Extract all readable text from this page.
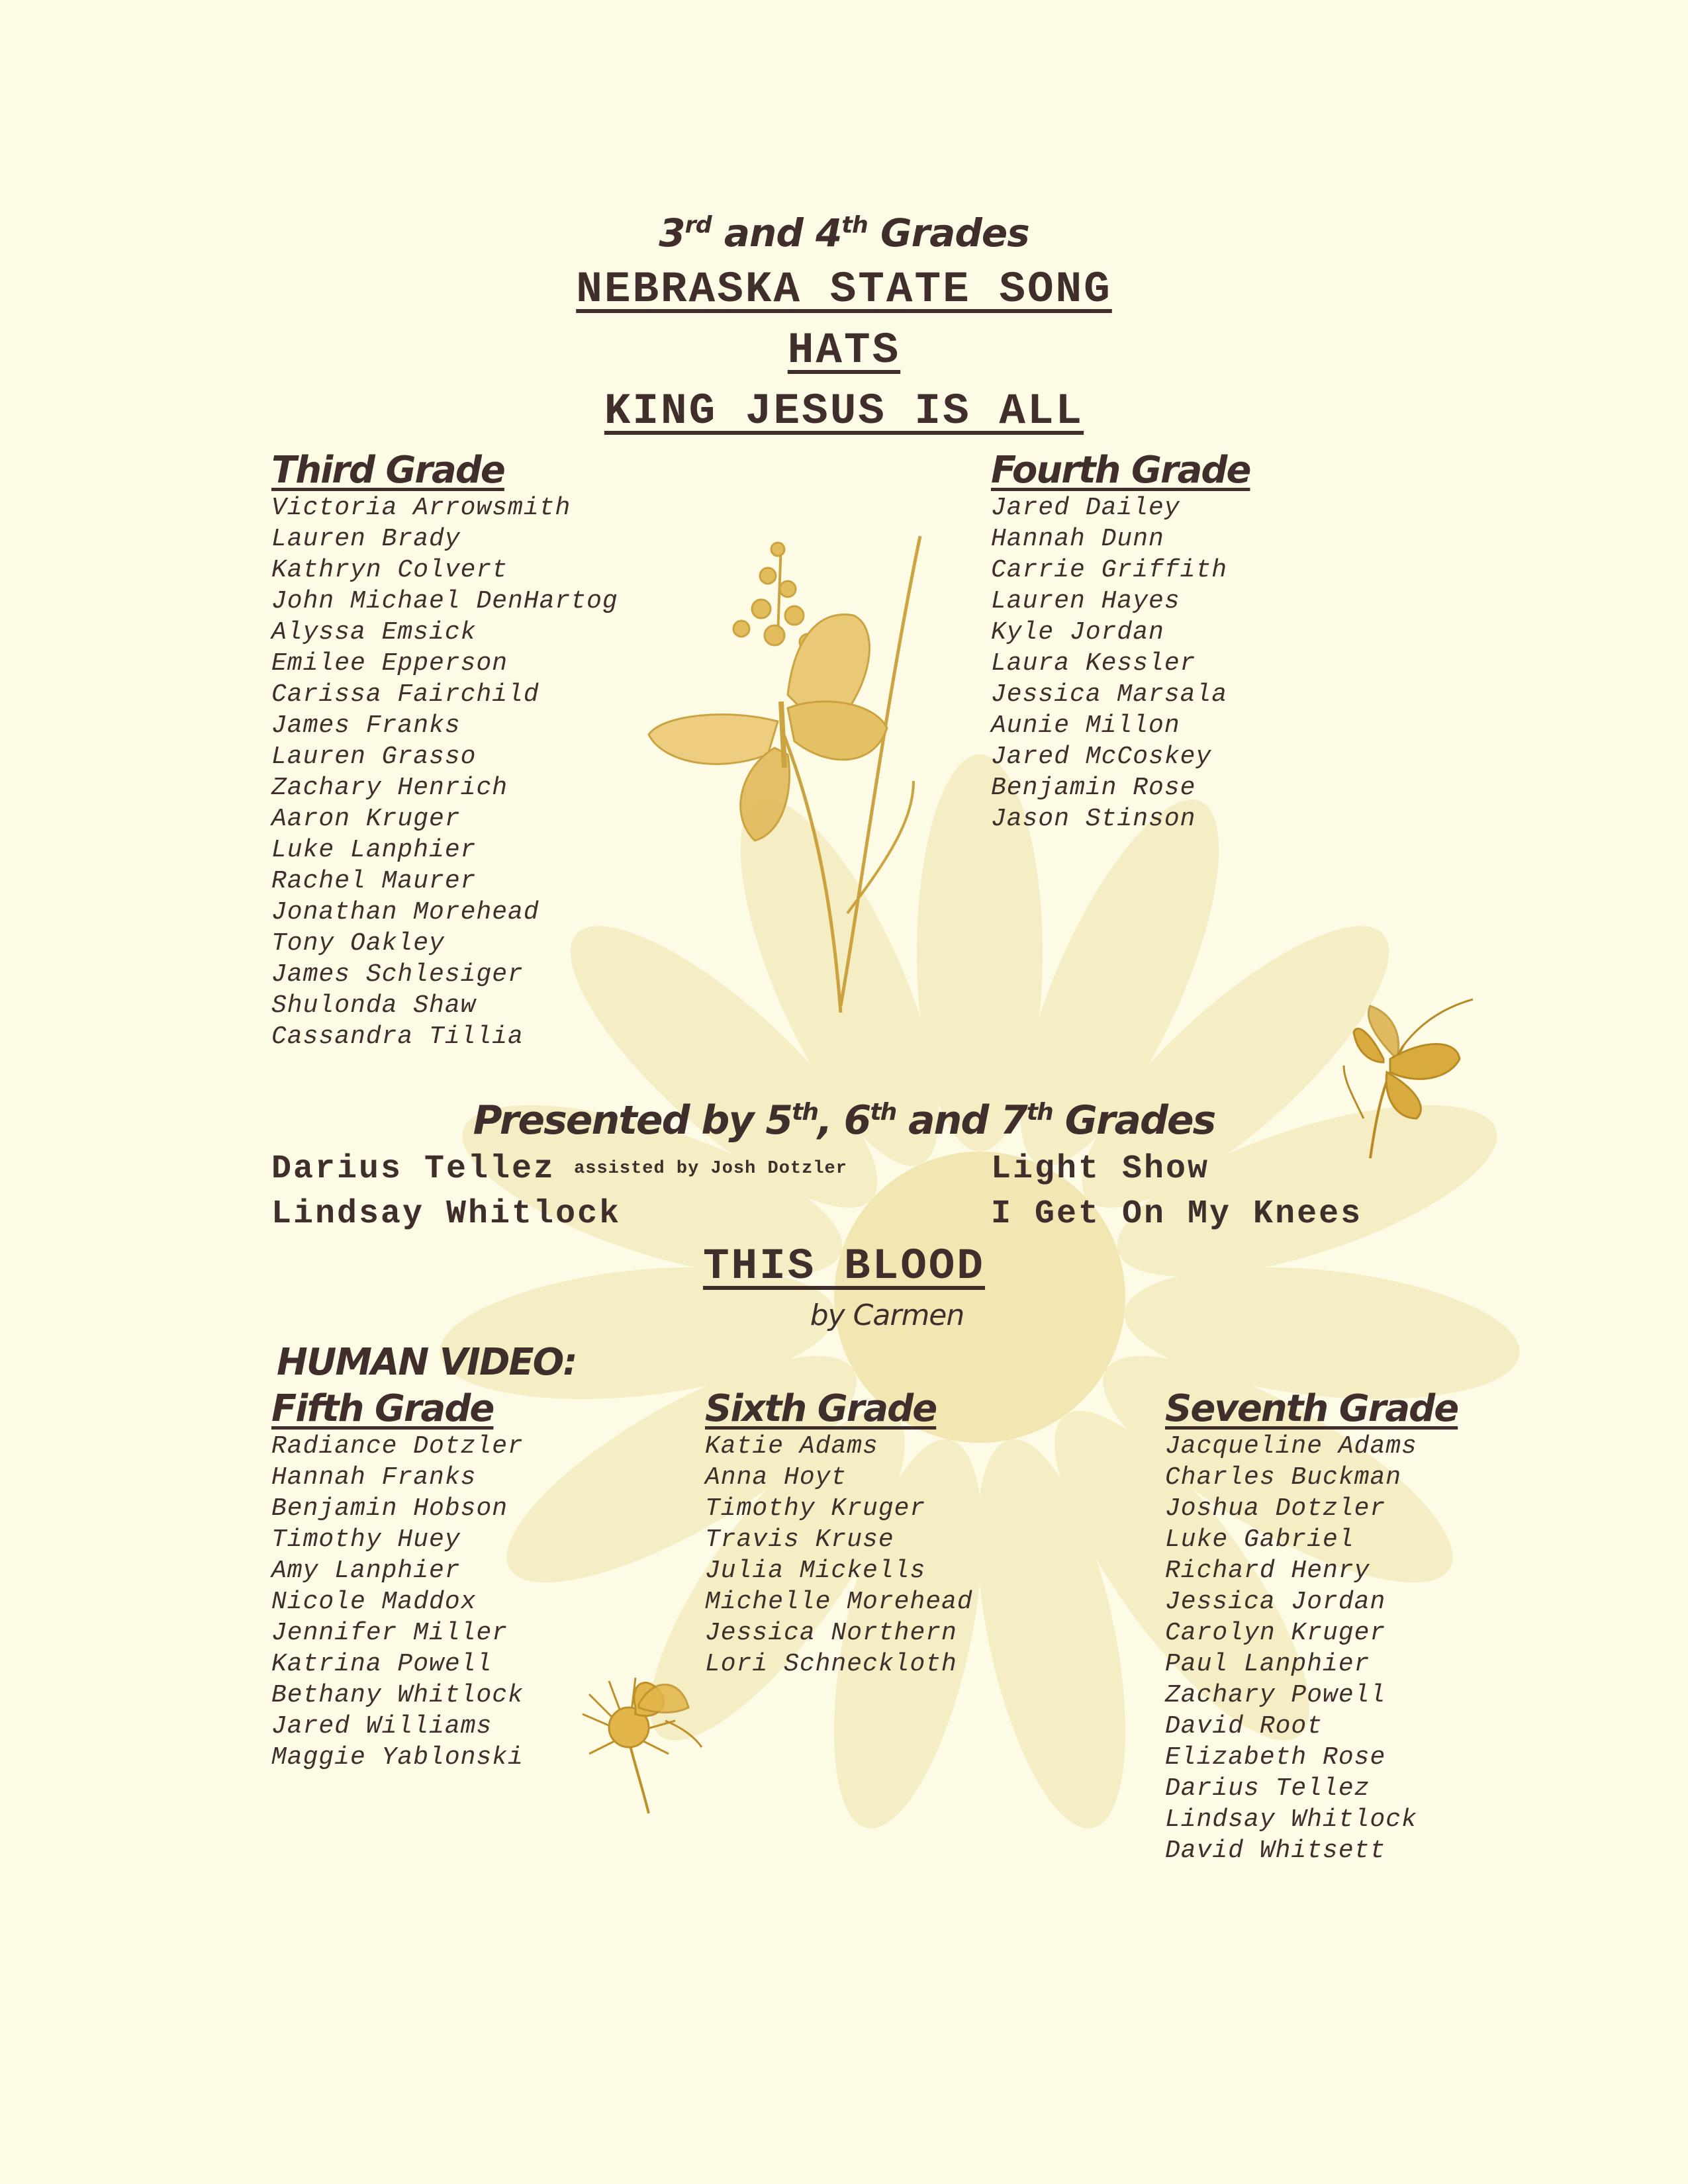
3rd and 4th Grades
NEBRASKA STATE SONG
HATS
KING JESUS IS ALL
Third Grade
Victoria Arrowsmith
Lauren Brady
Kathryn Colvert
John Michael DenHartog
Alyssa Emsick
Emilee Epperson
Carissa Fairchild
James Franks
Lauren Grasso
Zachary Henrich
Aaron Kruger
Luke Lanphier
Rachel Maurer
Jonathan Morehead
Tony Oakley
James Schlesiger
Shulonda Shaw
Cassandra Tillia
Fourth Grade
Jared Dailey
Hannah Dunn
Carrie Griffith
Lauren Hayes
Kyle Jordan
Laura Kessler
Jessica Marsala
Aunie Millon
Jared McCoskey
Benjamin Rose
Jason Stinson
Presented by 5th, 6th and 7th Grades
Darius Tellez assisted by Josh Dotzler
Lindsay Whitlock
Light Show
I Get On My Knees
THIS BLOOD
by Carmen
HUMAN VIDEO:
Fifth Grade
Radiance Dotzler
Hannah Franks
Benjamin Hobson
Timothy Huey
Amy Lanphier
Nicole Maddox
Jennifer Miller
Katrina Powell
Bethany Whitlock
Jared Williams
Maggie Yablonski
Sixth Grade
Katie Adams
Anna Hoyt
Timothy Kruger
Travis Kruse
Julia Mickells
Michelle Morehead
Jessica Northern
Lori Schneckloth
Seventh Grade
Jacqueline Adams
Charles Buckman
Joshua Dotzler
Luke Gabriel
Richard Henry
Jessica Jordan
Carolyn Kruger
Paul Lanphier
Zachary Powell
David Root
Elizabeth Rose
Darius Tellez
Lindsay Whitlock
David Whitsett
